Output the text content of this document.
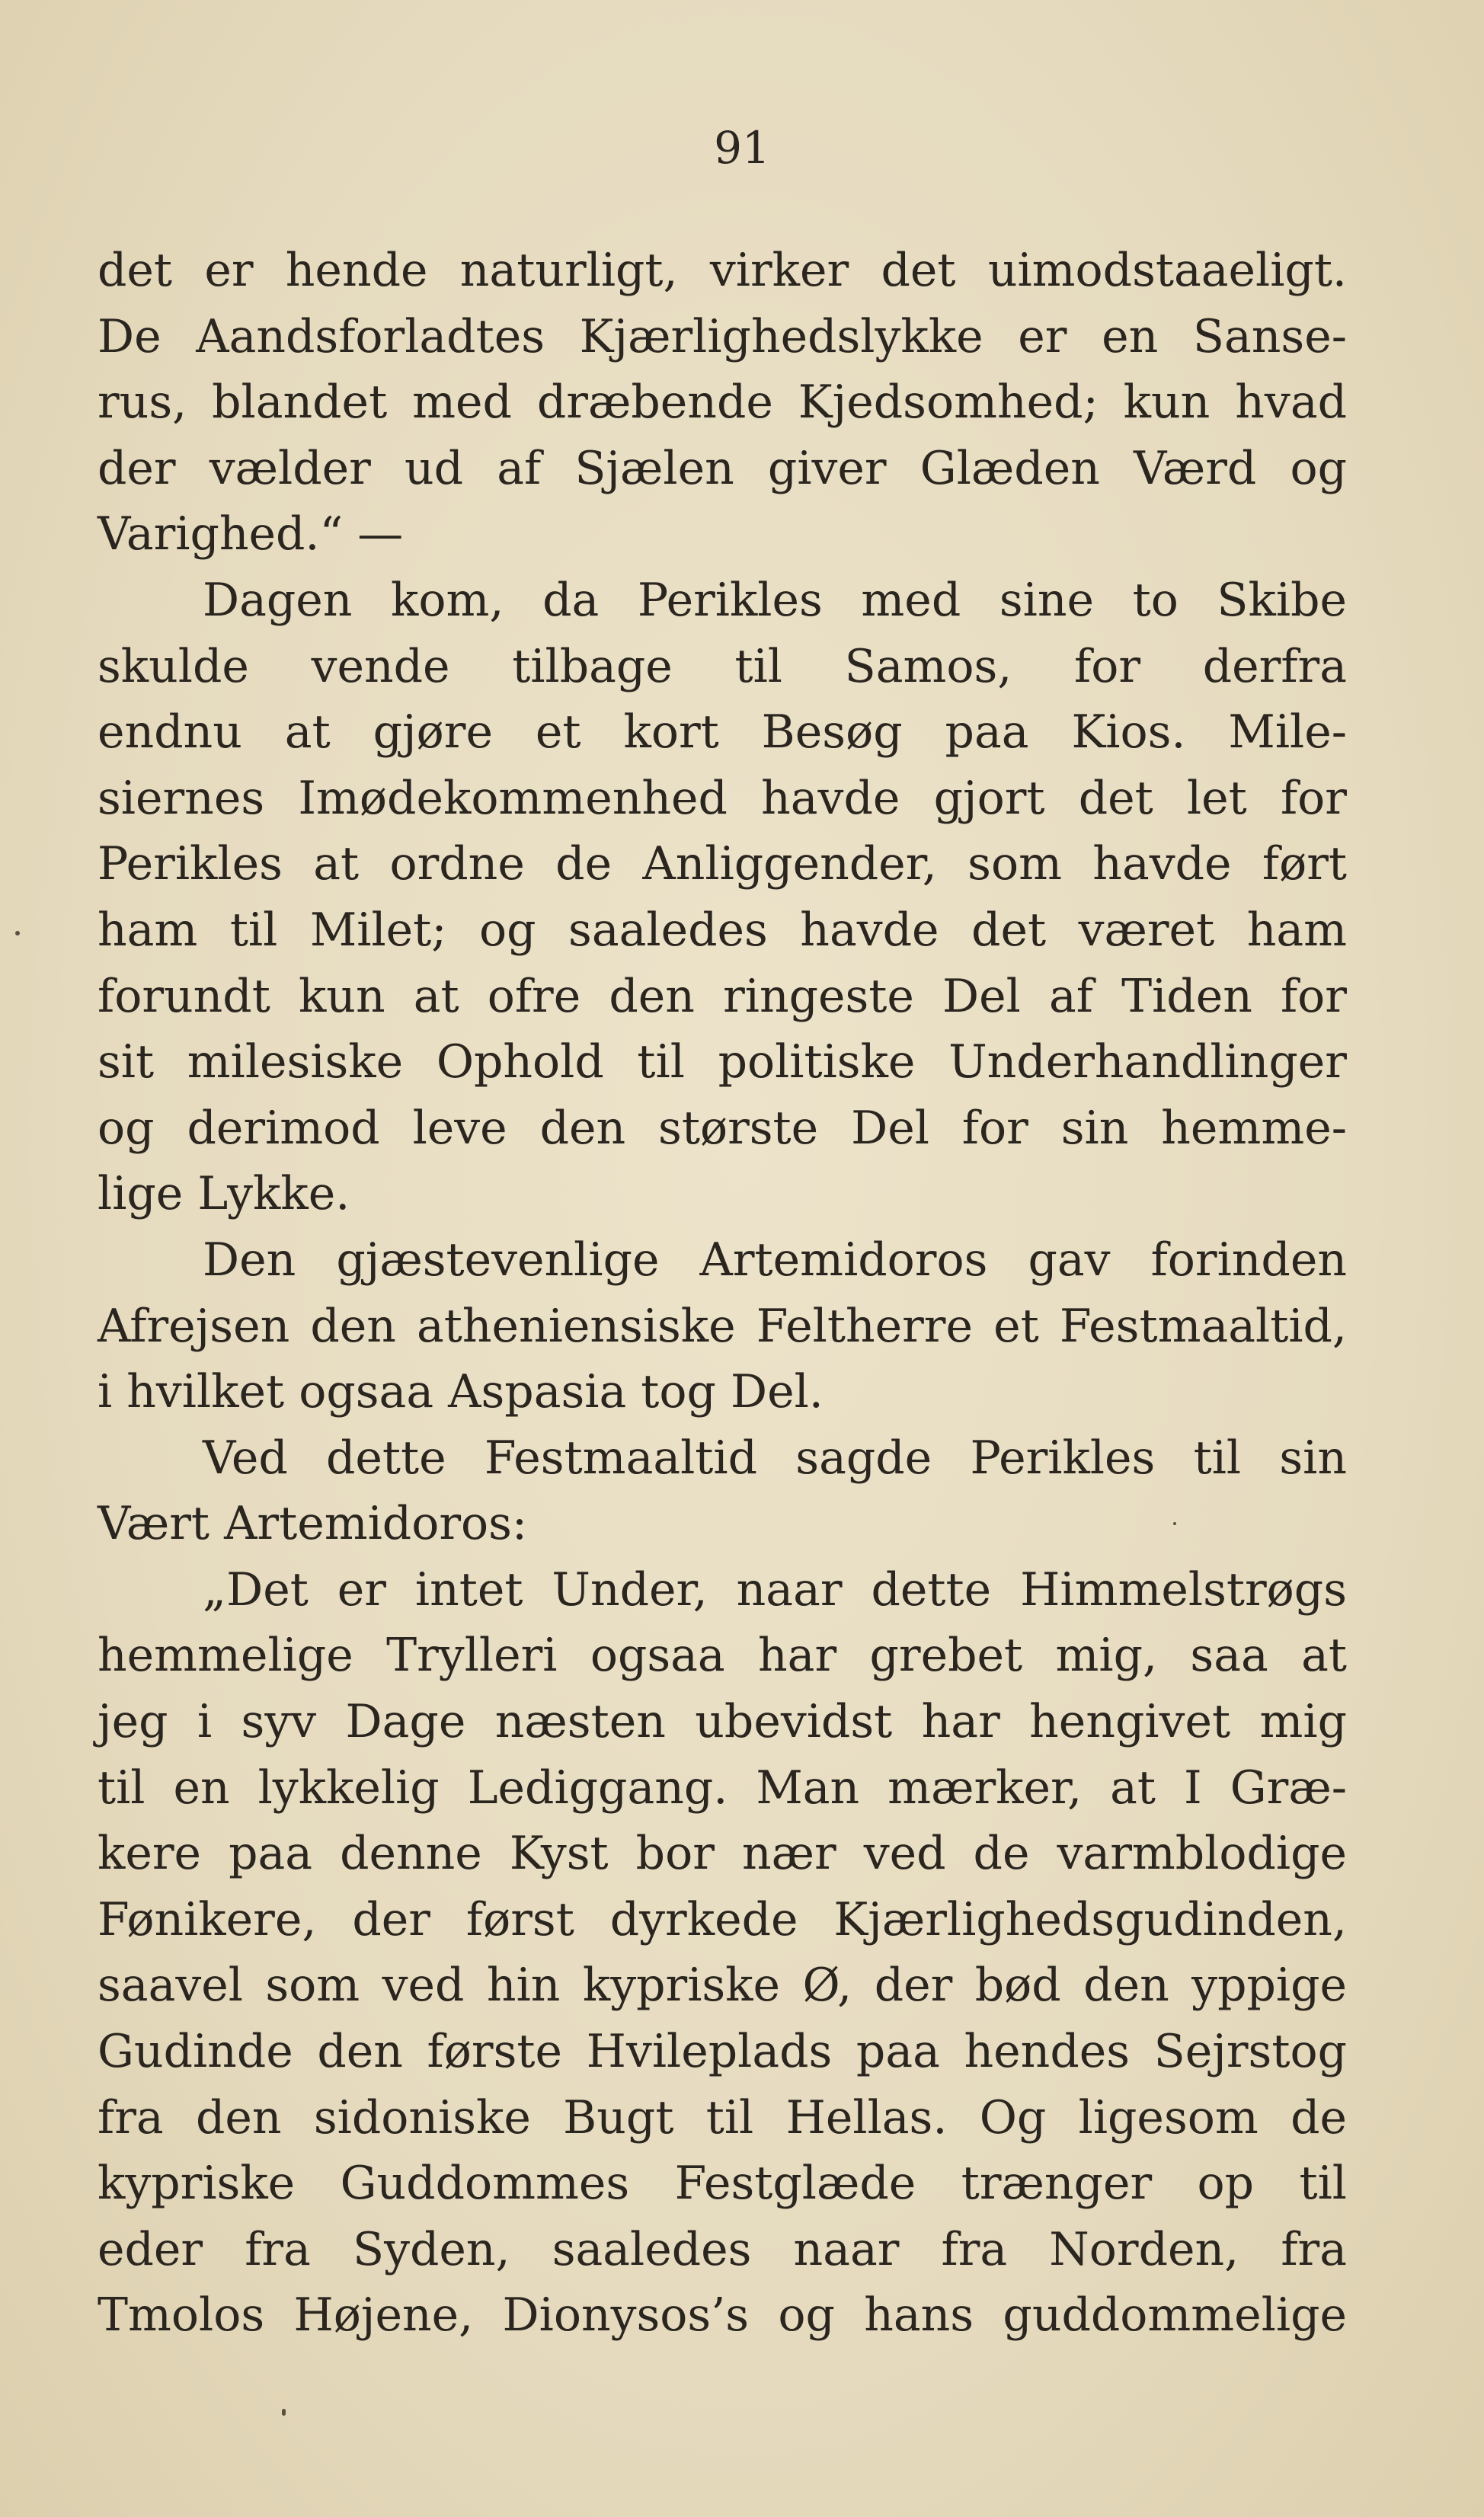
91
det er hende naturligt, virker det uimodstaaeligt.
De Aandsforladtes Kjærlighedslykke er en Sanse-
rus, blandet med dræbende Kjedsomhed; kun hvad
der vælder ud af Sjælen giver Glæden Værd og
Varighed.“ —
Dagen kom, da Perikles med sine to Skibe
skulde vende tilbage til Samos, for derfra
endnu at gjøre et kort Besøg paa Kios. Mile-
siernes Imødekommenhed havde gjort det let for
Perikles at ordne de Anliggender, som havde ført
ham til Milet; og saaledes havde det været ham
forundt kun at ofre den ringeste Del af Tiden for
sit milesiske Ophold til politiske Underhandlinger
og derimod leve den største Del for sin hemme-
lige Lykke.
Den gjæstevenlige Artemidoros gav forinden
Afrejsen den atheniensiske Feltherre et Festmaaltid,
i hvilket ogsaa Aspasia tog Del.
Ved dette Festmaaltid sagde Perikles til sin
Vært Artemidoros:
„Det er intet Under, naar dette Himmelstrøgs
hemmelige Trylleri ogsaa har grebet mig, saa at
jeg i syv Dage næsten ubevidst har hengivet mig
til en lykkelig Lediggang. Man mærker, at I Græ-
kere paa denne Kyst bor nær ved de varmblodige
Fønikere, der først dyrkede Kjærlighedsgudinden,
saavel som ved hin kypriske Ø, der bød den yppige
Gudinde den første Hvileplads paa hendes Sejrstog
fra den sidoniske Bugt til Hellas. Og ligesom de
kypriske Guddommes Festglæde trænger op til
eder fra Syden, saaledes naar fra Norden, fra
Tmolos Højene, Dionysos’s og hans guddommelige
